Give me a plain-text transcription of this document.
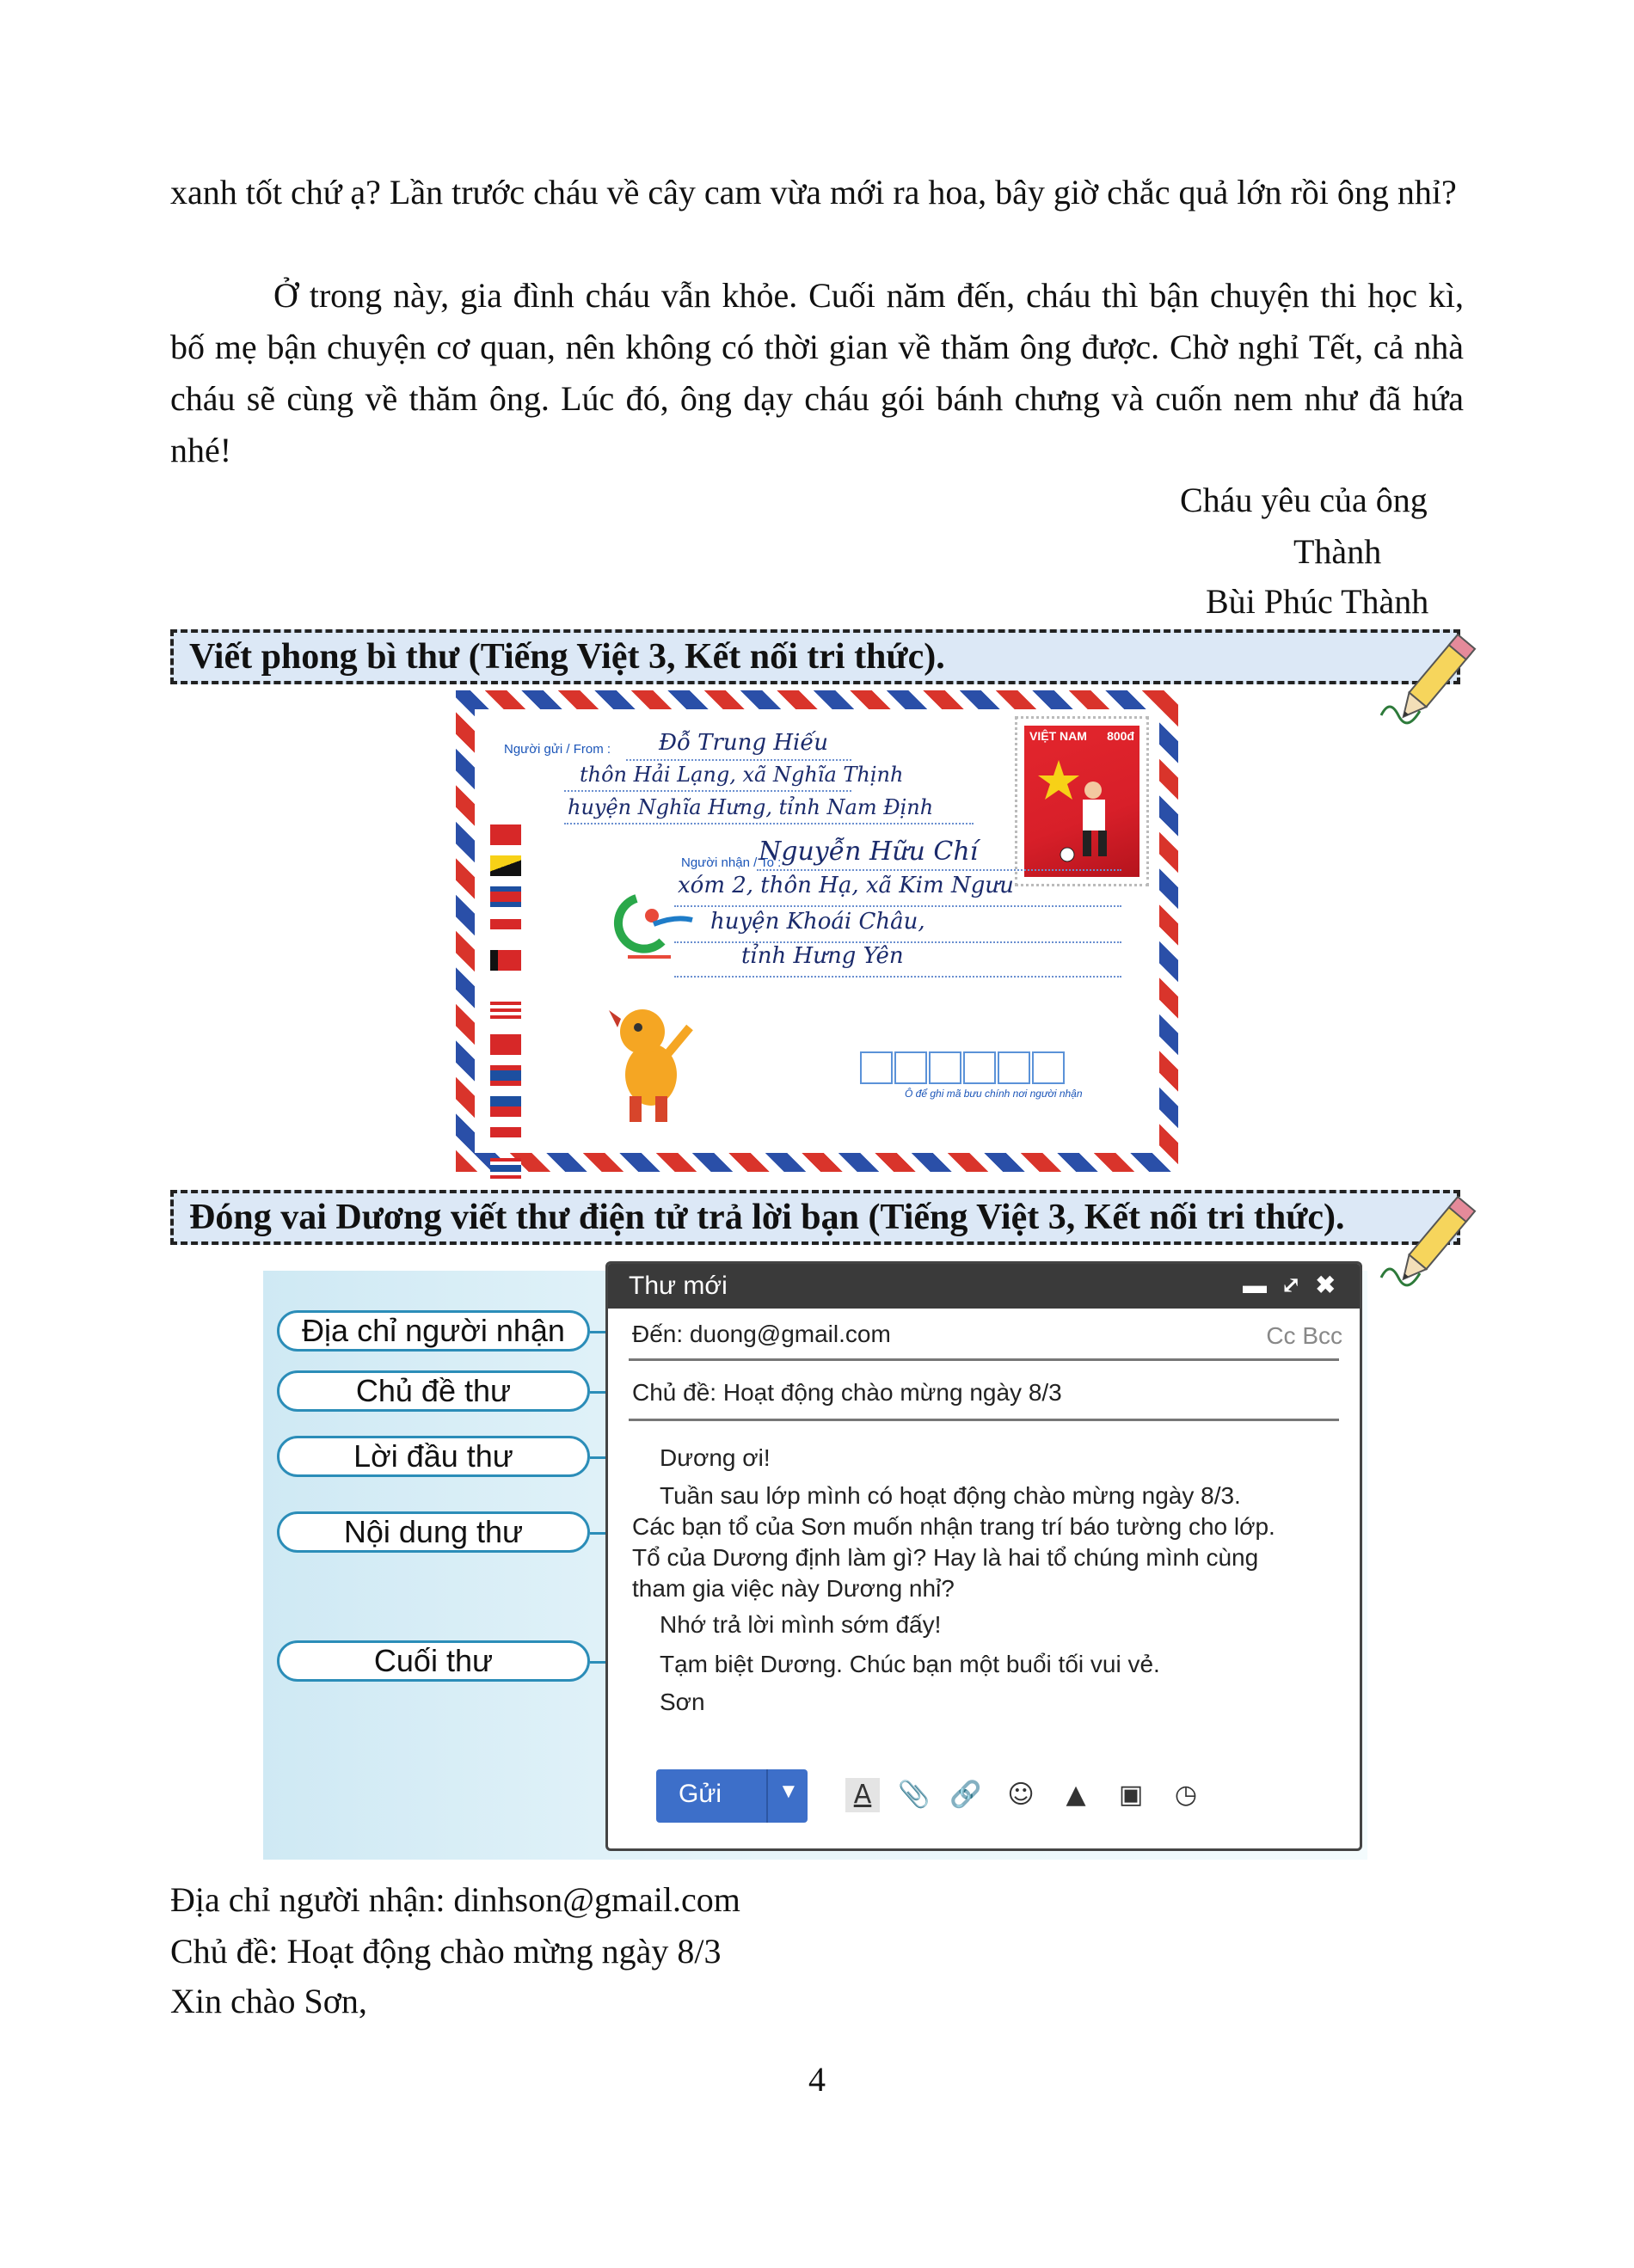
xanh tốt chứ ạ? Lần trước cháu về cây cam vừa mới ra hoa, bây giờ chắc quả lớn rồi ông nhỉ?

Ở trong này, gia đình cháu vẫn khỏe. Cuối năm đến, cháu thì bận chuyện thi học kì, bố mẹ bận chuyện cơ quan, nên không có thời gian về thăm ông được. Chờ nghỉ Tết, cả nhà cháu sẽ cùng về thăm ông. Lúc đó, ông dạy cháu gói bánh chưng và cuốn nem như đã hứa nhé!

Cháu yêu của ông
Thành
Bùi Phúc Thành
Viết phong bì thư (Tiếng Việt 3, Kết nối tri thức).
Người gửi / From : Đỗ Trung Hiếu
thôn Hải Lạng, xã Nghĩa Thịnh
huyện Nghĩa Hưng, tỉnh Nam Định
VIỆT NAM 800đ
Người nhận / To :
Nguyễn Hữu Chí
xóm 2, thôn Hạ, xã Kim Ngưu
huyện Khoái Châu,
tỉnh Hưng Yên
Ô để ghi mã bưu chính nơi người nhận
Đóng vai Dương viết thư điện tử trả lời bạn (Tiếng Việt 3, Kết nối tri thức).
Địa chỉ người nhận
Chủ đề thư
Lời đầu thư
Nội dung thư
Cuối thư
Thư mới	▬ ⤢ ✖
Đến: duong@gmail.com	Cc Bcc
Chủ đề: Hoạt động chào mừng ngày 8/3
Dương ơi!
Tuần sau lớp mình có hoạt động chào mừng ngày 8/3.
Các bạn tổ của Sơn muốn nhận trang trí báo tường cho lớp.
Tổ của Dương định làm gì? Hay là hai tổ chúng mình cùng
tham gia việc này Dương nhỉ?
Nhớ trả lời mình sớm đấy!
Tạm biệt Dương. Chúc bạn một buổi tối vui vẻ.
Sơn
Gửi	▼	A	📎 🔗 ☺ ▲ ▣ ◷
Địa chỉ người nhận: dinhson@gmail.com
Chủ đề: Hoạt động chào mừng ngày 8/3
Xin chào Sơn,
4
